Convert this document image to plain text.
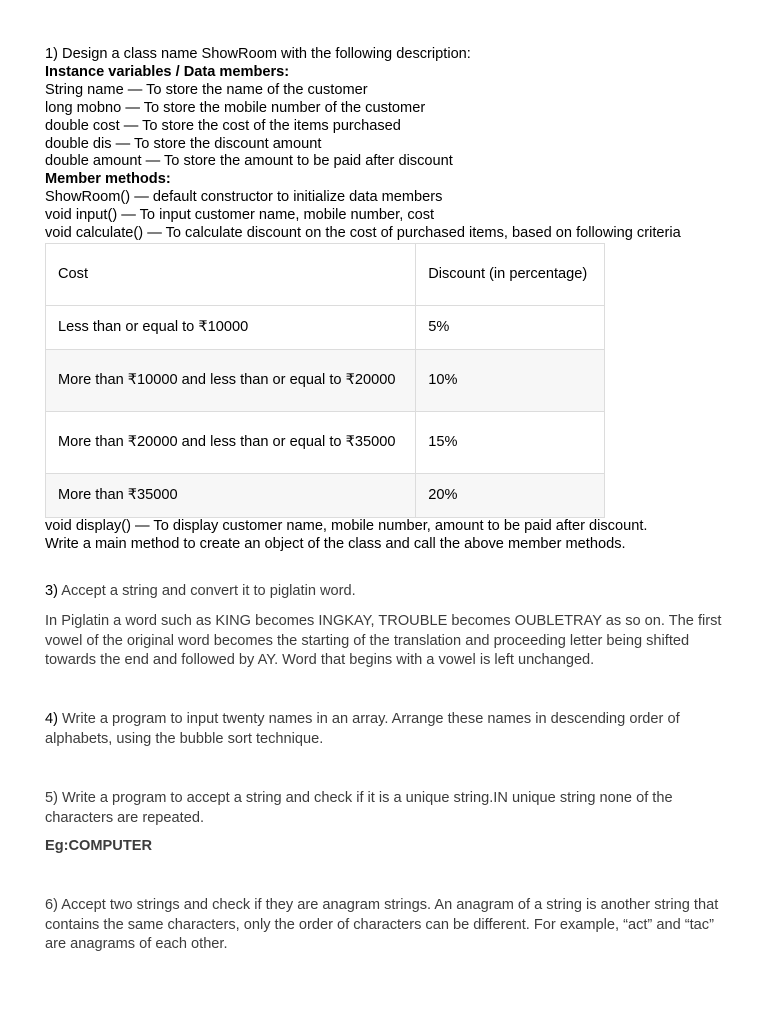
1) Design a class name ShowRoom with the following description:
Instance variables / Data members:
String name — To store the name of the customer
long mobno — To store the mobile number of the customer
double cost — To store the cost of the items purchased
double dis — To store the discount amount
double amount — To store the amount to be paid after discount
Member methods:
ShowRoom() — default constructor to initialize data members
void input() — To input customer name, mobile number, cost
void calculate() — To calculate discount on the cost of purchased items, based on following criteria
Cost	Discount (in percentage)
Less than or equal to ₹10000	5%
More than ₹10000 and less than or equal to ₹20000	10%
More than ₹20000 and less than or equal to ₹35000	15%
More than ₹35000	20%
void display() — To display customer name, mobile number, amount to be paid after discount.
Write a main method to create an object of the class and call the above member methods.
3) Accept a string and convert it to piglatin word.
In Piglatin a word such as KING becomes INGKAY, TROUBLE becomes OUBLETRAY as so on. The first vowel of the original word becomes the starting of the translation and proceeding letter being shifted towards the end and followed by AY. Word that begins with a vowel is left unchanged.
4) Write a program to input twenty names in an array. Arrange these names in descending order of alphabets, using the bubble sort technique.
5) Write a program to accept a string and check if it is a unique string.IN unique string none of the characters are repeated.
Eg:COMPUTER
6) Accept two strings and check if they are anagram strings. An anagram of a string is another string that contains the same characters, only the order of characters can be different. For example, “act” and “tac” are anagrams of each other.
